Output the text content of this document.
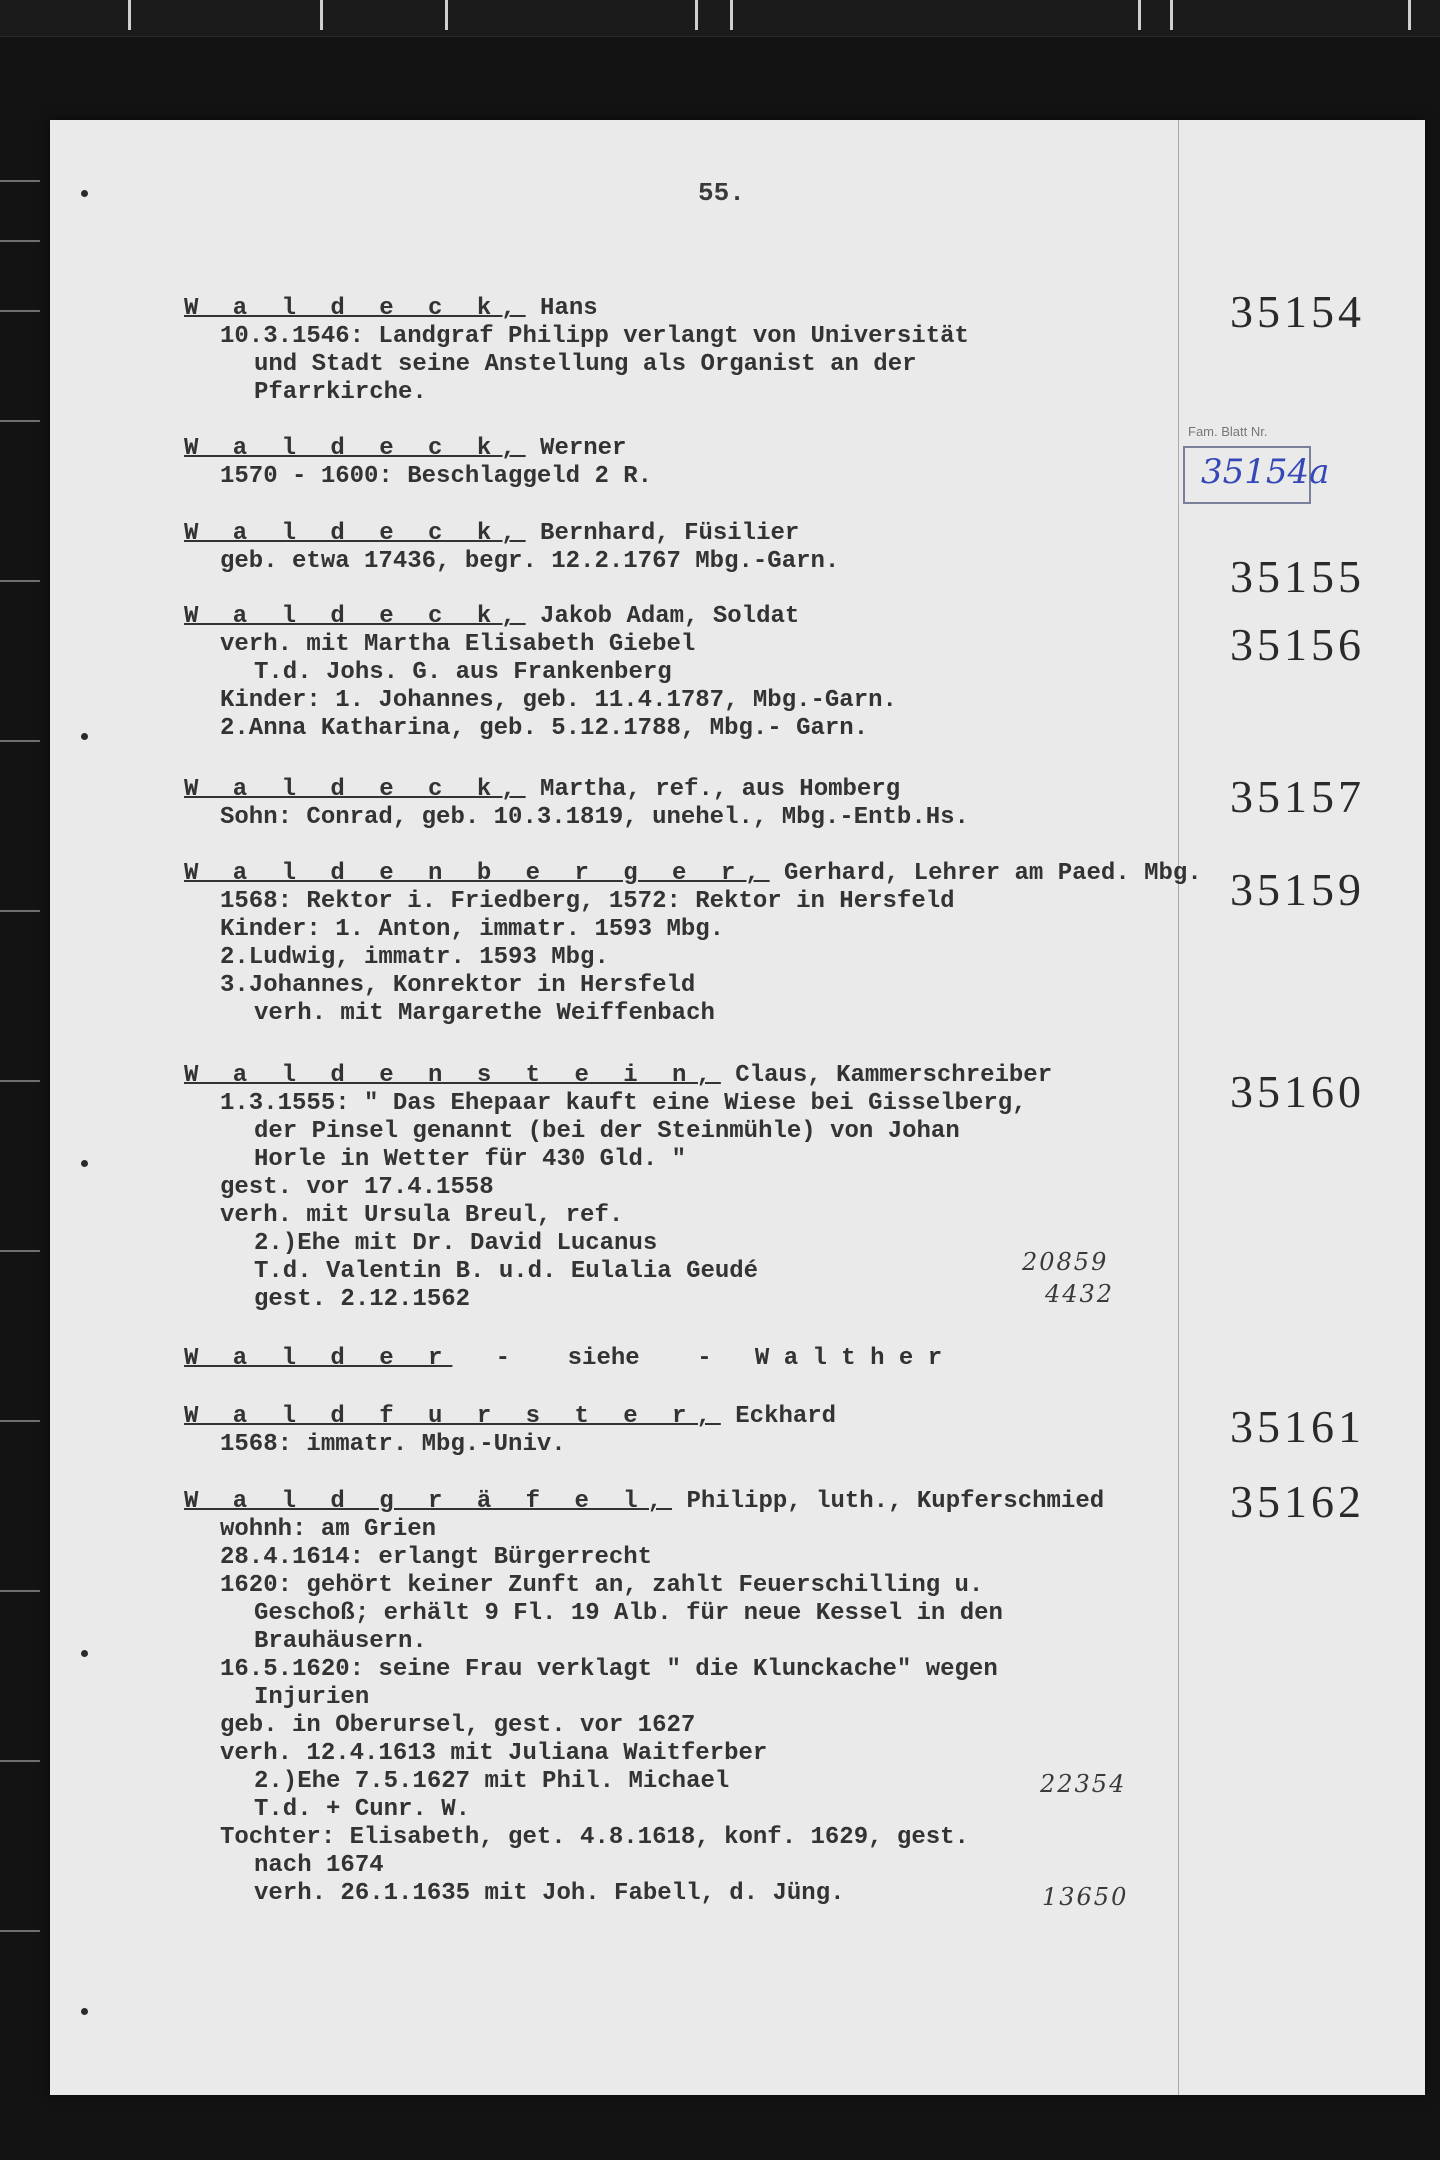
55.
W a l d e c k, Hans
10.3.1546: Landgraf Philipp verlangt von Universität
und Stadt seine Anstellung als Organist an der
Pfarrkirche.
W a l d e c k, Werner
1570 - 1600: Beschlaggeld 2 R.
W a l d e c k, Bernhard, Füsilier
geb. etwa 17436, begr. 12.2.1767 Mbg.-Garn.
W a l d e c k, Jakob Adam, Soldat
verh. mit Martha Elisabeth Giebel
T.d. Johs. G. aus Frankenberg
Kinder: 1. Johannes, geb. 11.4.1787, Mbg.-Garn.
2.Anna Katharina, geb. 5.12.1788, Mbg.- Garn.
W a l d e c k, Martha, ref., aus Homberg
Sohn: Conrad, geb. 10.3.1819, unehel., Mbg.-Entb.Hs.
W a l d e n b e r g e r, Gerhard, Lehrer am Paed. Mbg.
1568: Rektor i. Friedberg, 1572: Rektor in Hersfeld
Kinder: 1. Anton, immatr. 1593 Mbg.
2.Ludwig, immatr. 1593 Mbg.
3.Johannes, Konrektor in Hersfeld
verh. mit Margarethe Weiffenbach
W a l d e n s t e i n, Claus, Kammerschreiber
1.3.1555: " Das Ehepaar kauft eine Wiese bei Gisselberg,
der Pinsel genannt (bei der Steinmühle) von Johan
Horle in Wetter für 430 Gld. "
gest. vor 17.4.1558
verh. mit Ursula Breul, ref.
2.)Ehe mit Dr. David Lucanus
T.d. Valentin B. u.d. Eulalia Geudé
gest. 2.12.1562
W a l d e r   -    siehe    -   W a l t h e r
W a l d f u r s t e r, Eckhard
1568: immatr. Mbg.-Univ.
W a l d g r ä f e l, Philipp, luth., Kupferschmied
wohnh: am Grien
28.4.1614: erlangt Bürgerrecht
1620: gehört keiner Zunft an, zahlt Feuerschilling u.
Geschoß; erhält 9 Fl. 19 Alb. für neue Kessel in den
Brauhäusern.
16.5.1620: seine Frau verklagt " die Klunckache" wegen
Injurien
geb. in Oberursel, gest. vor 1627
verh. 12.4.1613 mit Juliana Waitferber
2.)Ehe 7.5.1627 mit Phil. Michael
T.d. + Cunr. W.
Tochter: Elisabeth, get. 4.8.1618, konf. 1629, gest.
nach 1674
verh. 26.1.1635 mit Joh. Fabell, d. Jüng.
35154
Fam. Blatt Nr.
35154a
35155
35156
35157
35159
35160
35161
35162
20859
4432
22354
13650
